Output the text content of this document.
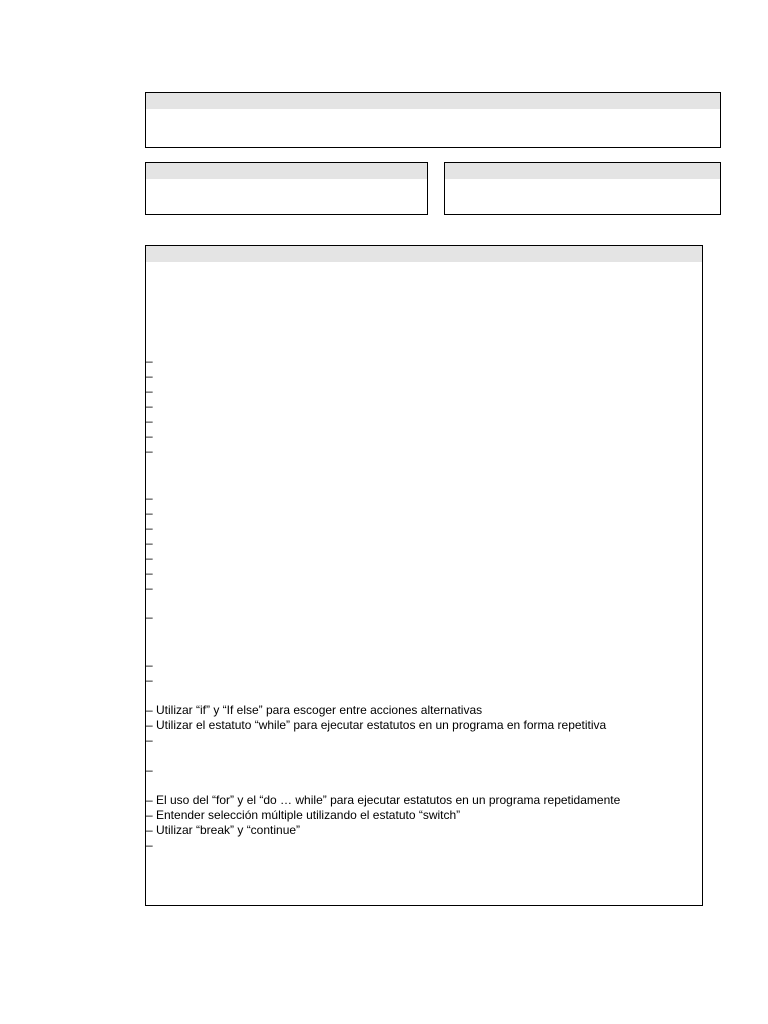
–
–
–
–
–
–
–
–
–
–
–
–
–
–
–
–
–
– Utilizar “if” y “If else” para escoger entre acciones alternativas
– Utilizar el estatuto “while” para ejecutar estatutos en un programa en forma repetitiva
–
–
– El uso del “for” y el “do … while” para ejecutar estatutos en un programa repetidamente
– Entender selección múltiple utilizando el estatuto “switch”
– Utilizar “break” y “continue”
–
